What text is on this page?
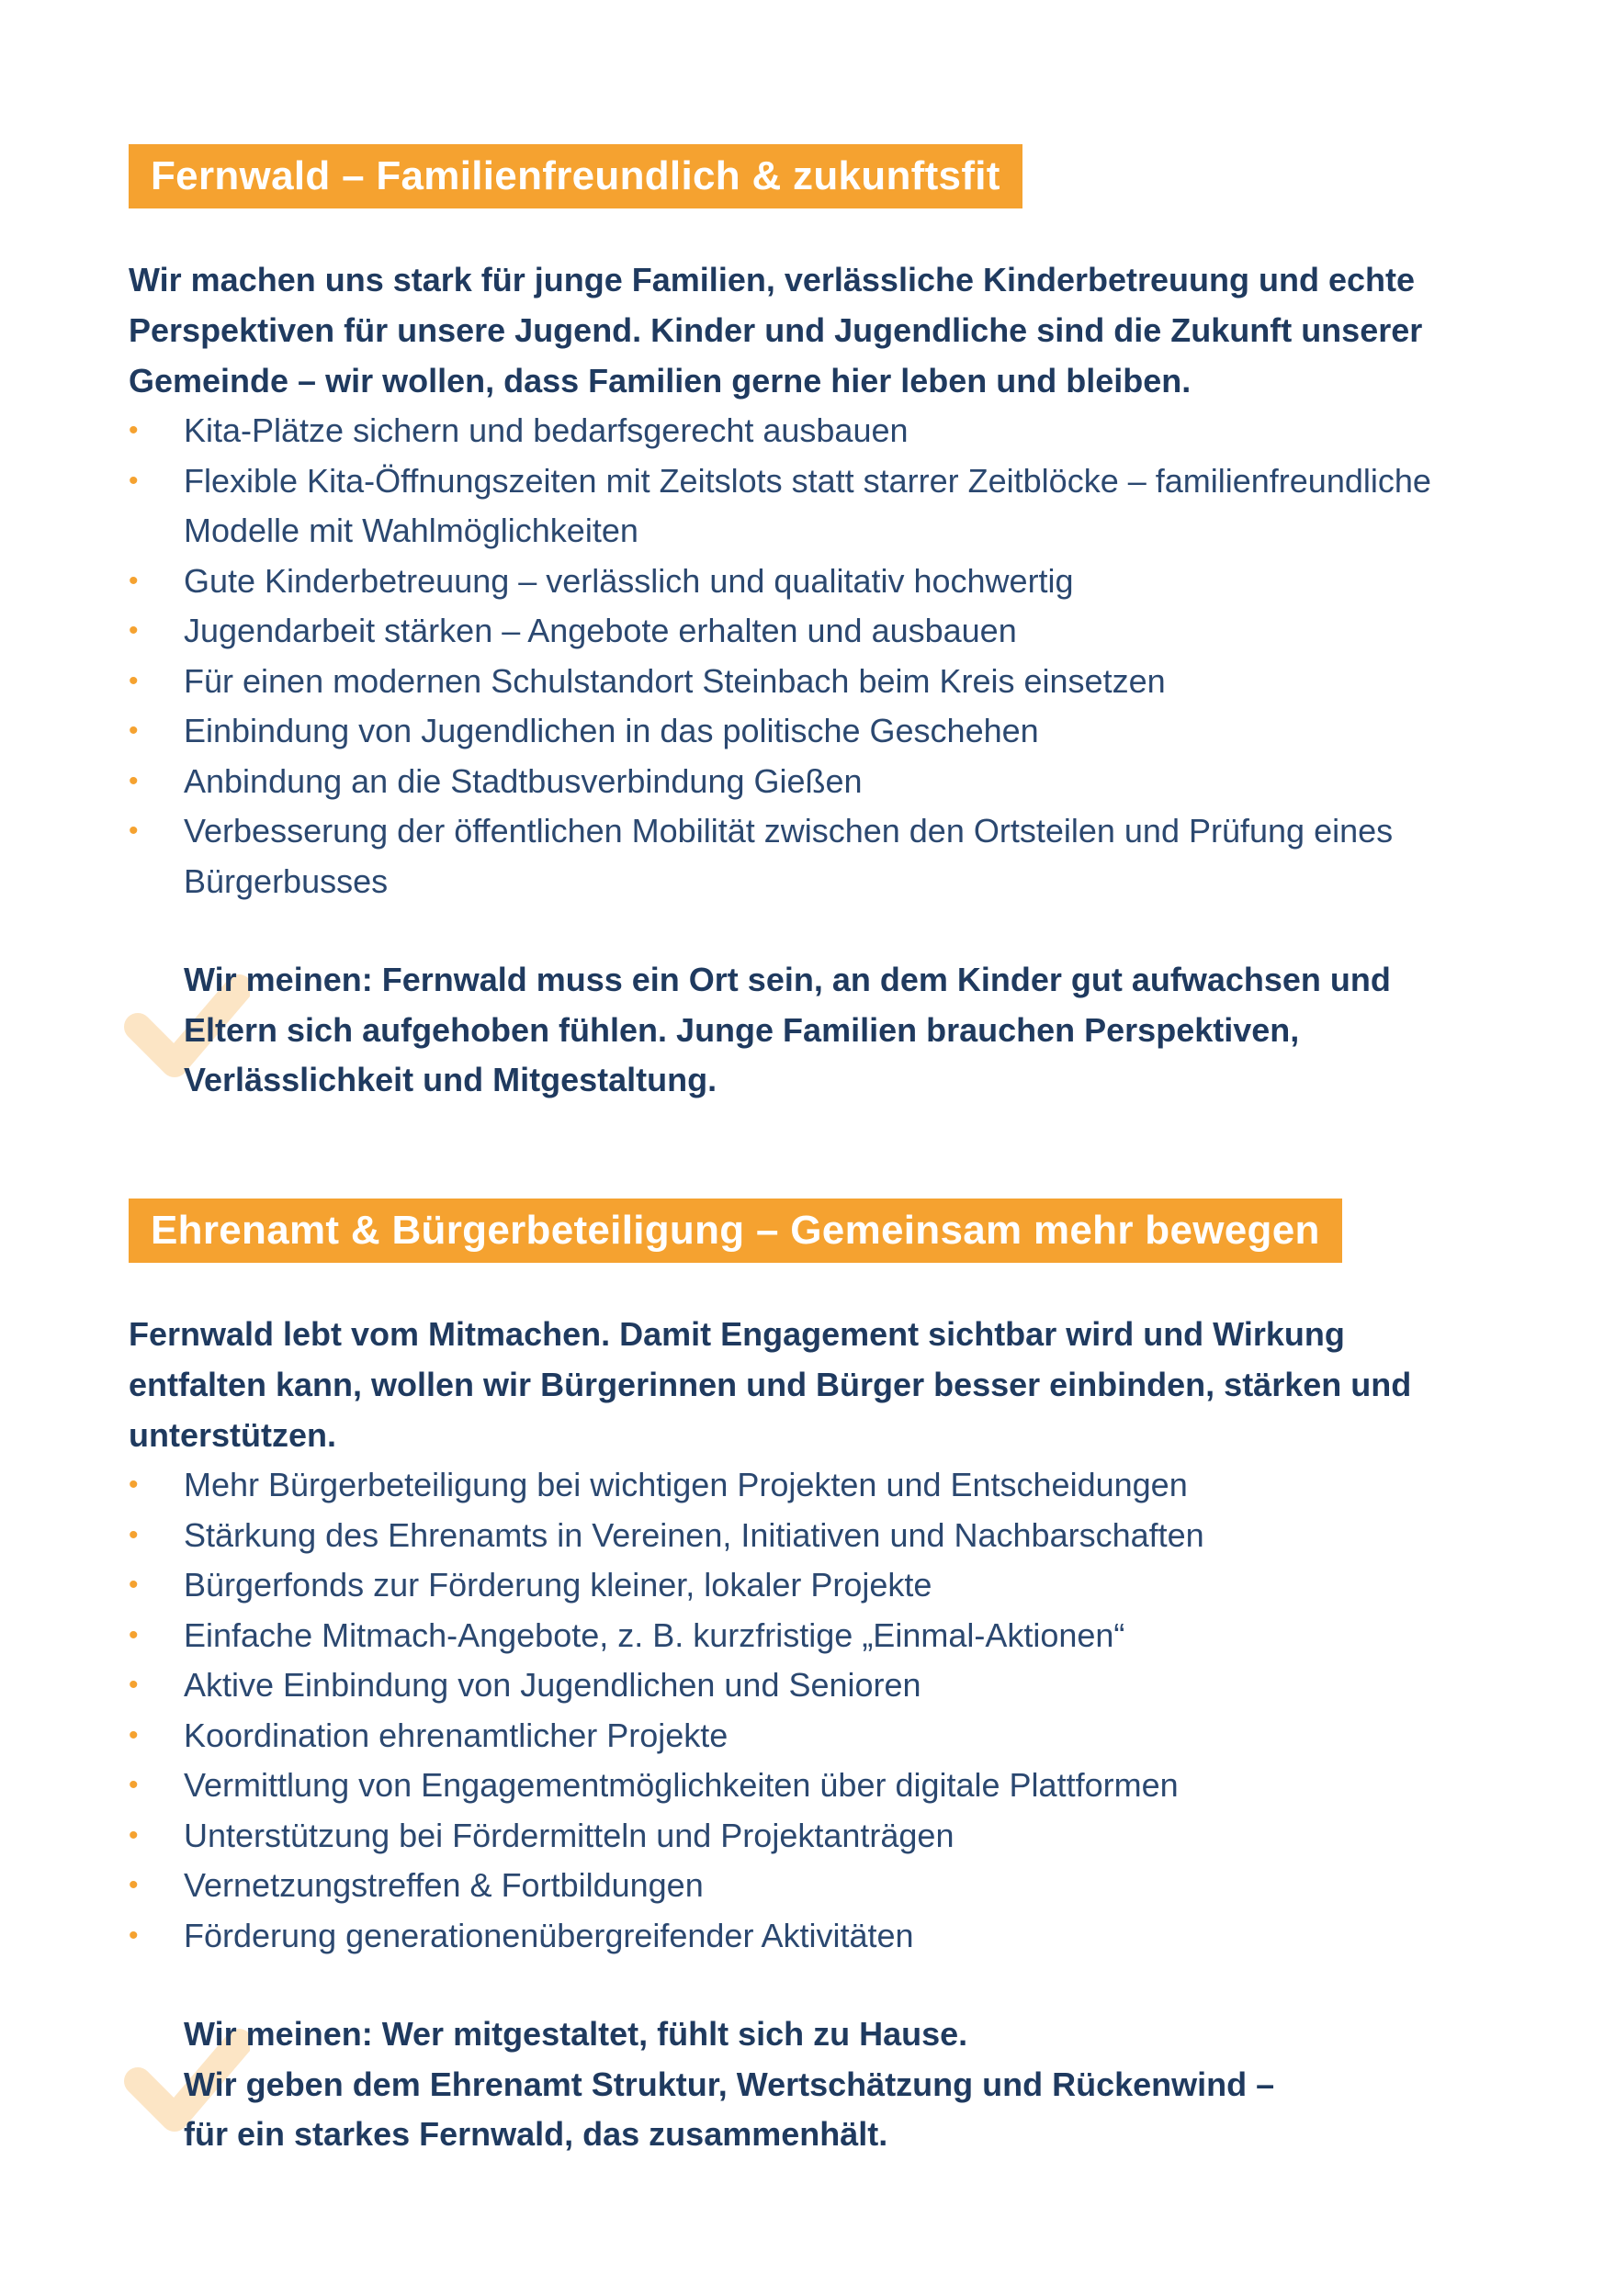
Fernwald – Familienfreundlich & zukunftsfit
Wir machen uns stark für junge Familien, verlässliche Kinderbetreuung und echte Perspektiven für unsere Jugend. Kinder und Jugendliche sind die Zukunft unserer Gemeinde – wir wollen, dass Familien gerne hier leben und bleiben.
• Kita-Plätze sichern und bedarfsgerecht ausbauen
• Flexible Kita-Öffnungszeiten mit Zeitslots statt starrer Zeitblöcke – familienfreundliche Modelle mit Wahlmöglichkeiten
• Gute Kinderbetreuung – verlässlich und qualitativ hochwertig
• Jugendarbeit stärken – Angebote erhalten und ausbauen
• Für einen modernen Schulstandort Steinbach beim Kreis einsetzen
• Einbindung von Jugendlichen in das politische Geschehen
• Anbindung an die Stadtbusverbindung Gießen
• Verbesserung der öffentlichen Mobilität zwischen den Ortsteilen und Prüfung eines Bürgerbusses
Wir meinen: Fernwald muss ein Ort sein, an dem Kinder gut aufwachsen und
Eltern sich aufgehoben fühlen. Junge Familien brauchen Perspektiven,
Verlässlichkeit und Mitgestaltung.
Ehrenamt & Bürgerbeteiligung – Gemeinsam mehr bewegen
Fernwald lebt vom Mitmachen. Damit Engagement sichtbar wird und Wirkung entfalten kann, wollen wir Bürgerinnen und Bürger besser einbinden, stärken und unterstützen.
• Mehr Bürgerbeteiligung bei wichtigen Projekten und Entscheidungen
• Stärkung des Ehrenamts in Vereinen, Initiativen und Nachbarschaften
• Bürgerfonds zur Förderung kleiner, lokaler Projekte
• Einfache Mitmach-Angebote, z. B. kurzfristige „Einmal-Aktionen“
• Aktive Einbindung von Jugendlichen und Senioren
• Koordination ehrenamtlicher Projekte
• Vermittlung von Engagementmöglichkeiten über digitale Plattformen
• Unterstützung bei Fördermitteln und Projektanträgen
• Vernetzungstreffen & Fortbildungen
• Förderung generationenübergreifender Aktivitäten
Wir meinen: Wer mitgestaltet, fühlt sich zu Hause.
Wir geben dem Ehrenamt Struktur, Wertschätzung und Rückenwind –
für ein starkes Fernwald, das zusammenhält.
